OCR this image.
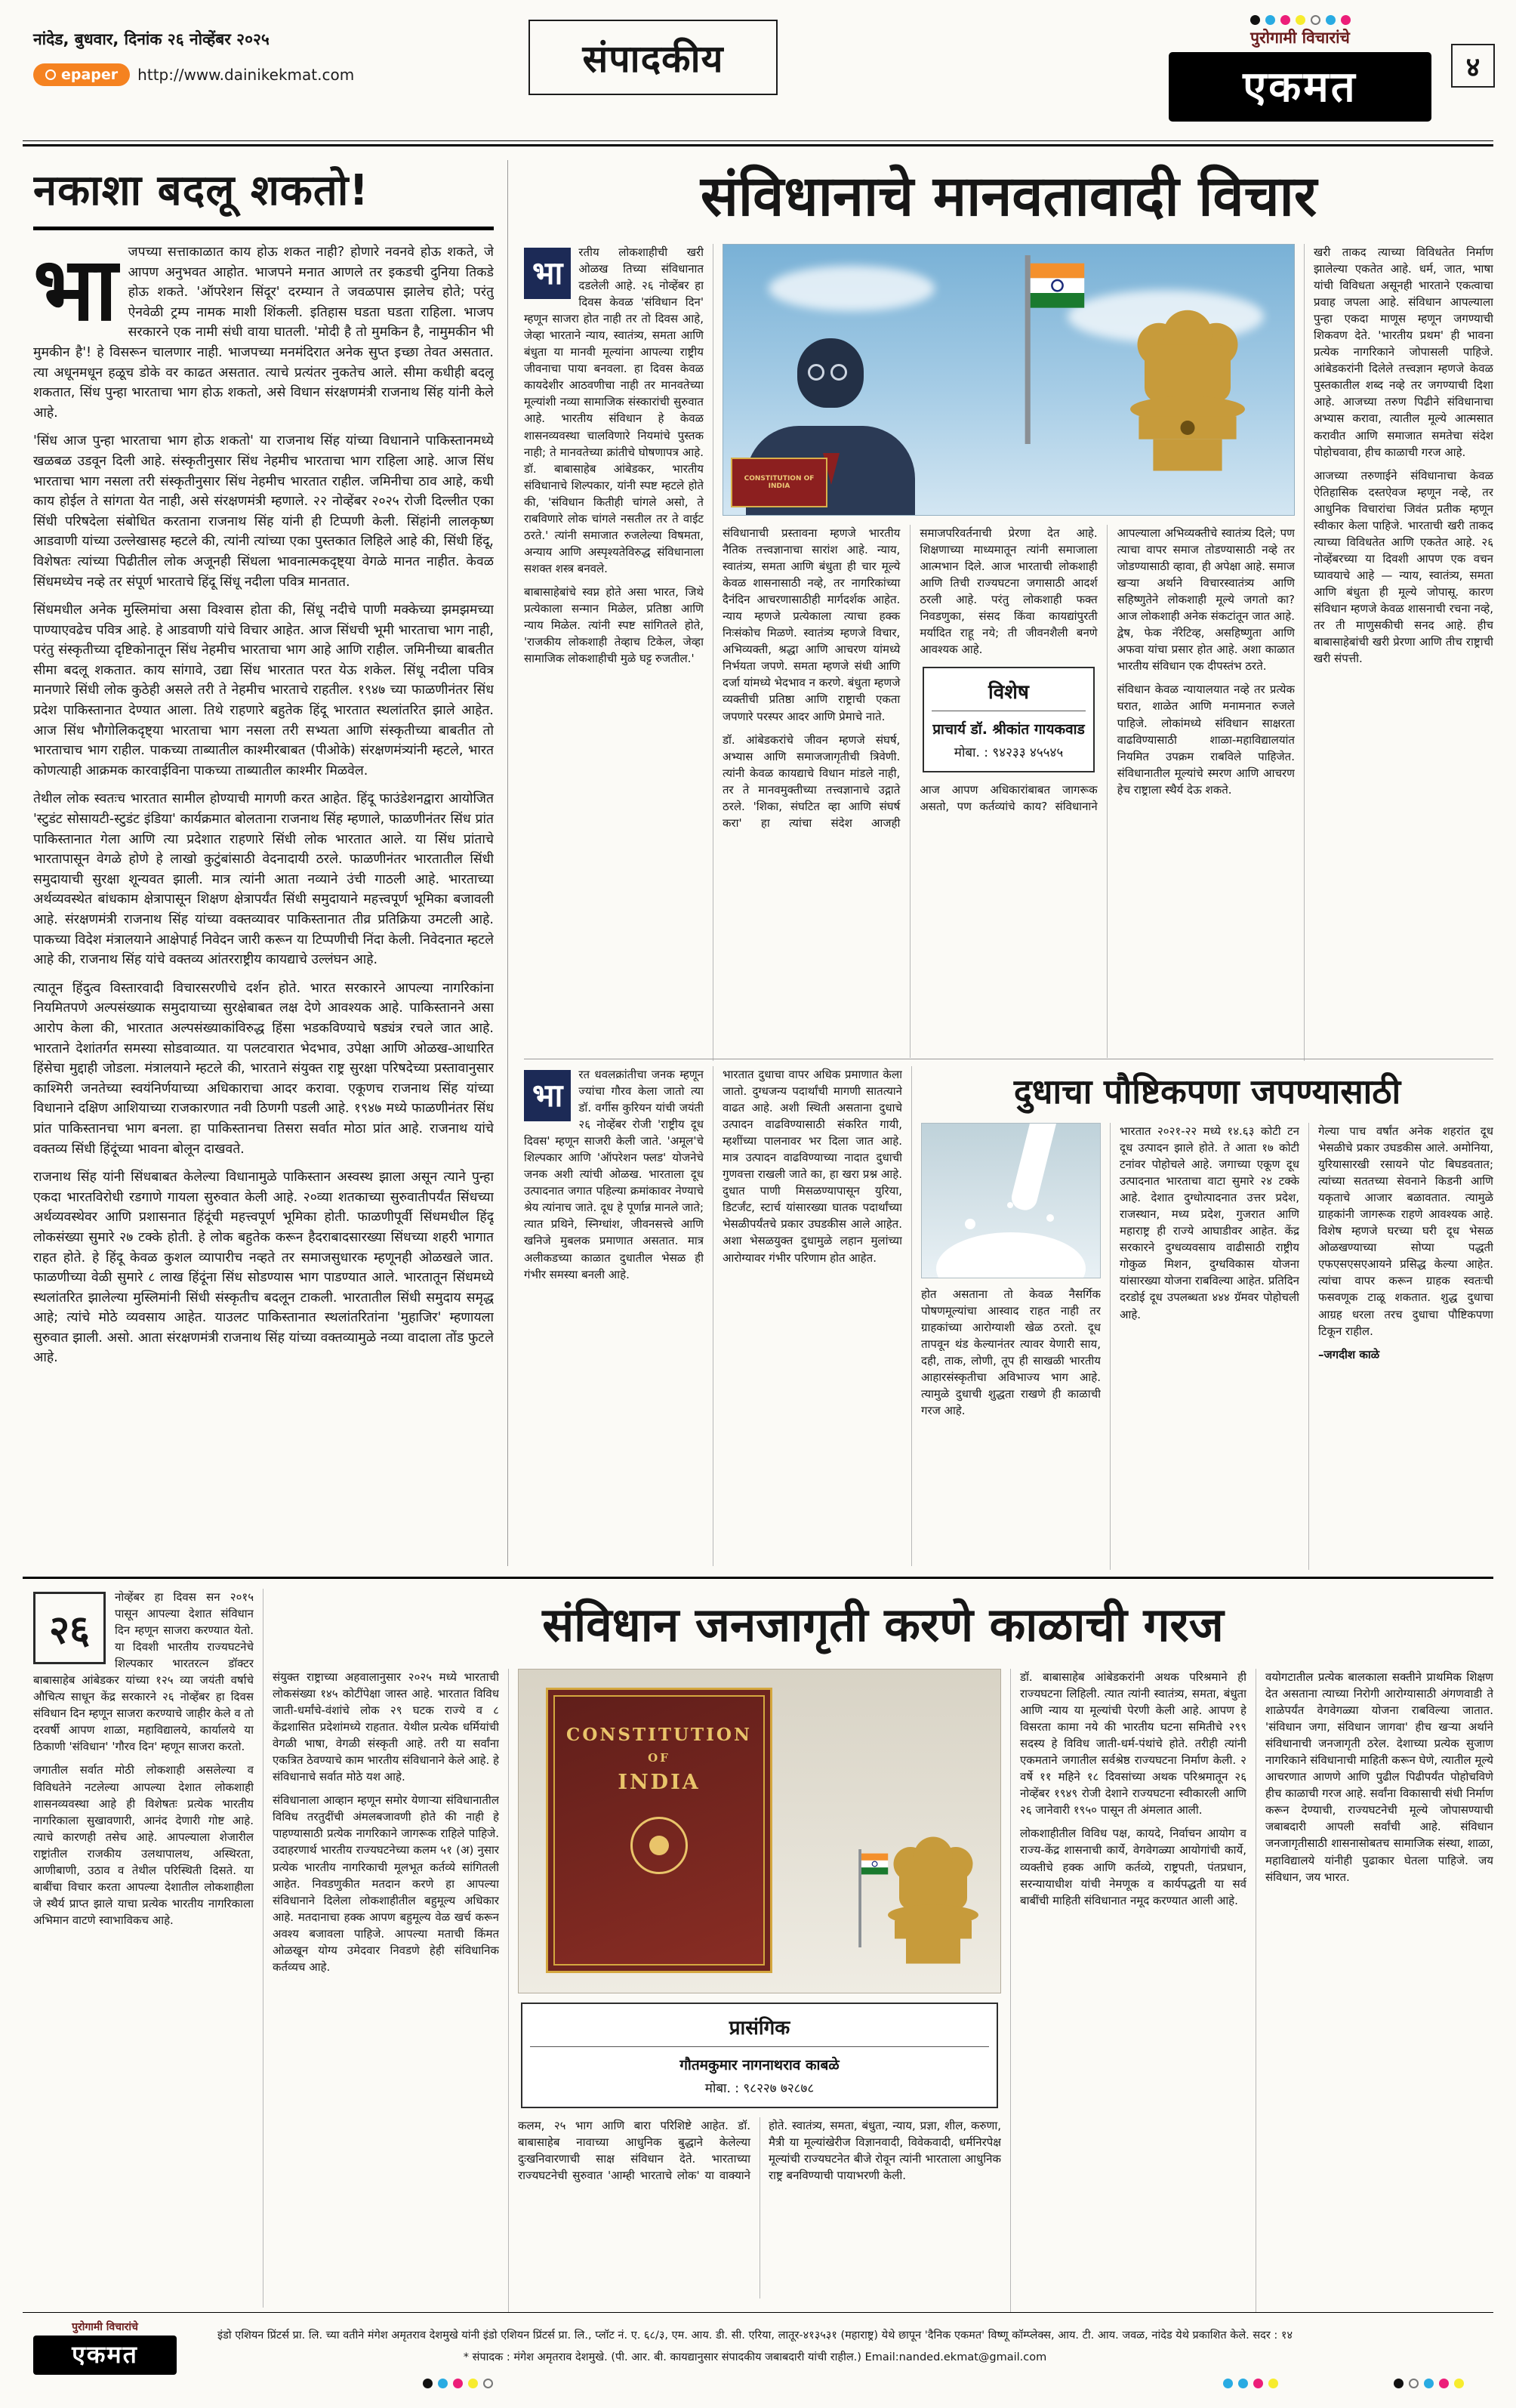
नांदेड, बुधवार, दिनांक २६ नोव्हेंबर २०२५
epaper http://www.dainikekmat.com	संपादकीय	पुरोगामी विचारांचे
एकमत	४
नकाशा बदलू शकतो!
भा जपच्या सत्ताकाळात काय होऊ शकत नाही? होणारे नवनवे होऊ शकते, जे आपण अनुभवत आहोत. भाजपने मनात आणले तर इकडची दुनिया तिकडे होऊ शकते. 'ऑपरेशन सिंदूर' दरम्यान ते जवळपास झालेच होते; परंतु ऐनवेळी ट्रम्प नामक माशी शिंकली. इतिहास घडता घडता राहिला. भाजप सरकारने एक नामी संधी वाया घातली. 'मोदी है तो मुमकिन है, नामुमकीन भी मुमकीन है'! हे विसरून चालणार नाही. भाजपच्या मनमंदिरात अनेक सुप्त इच्छा तेवत असतात. त्या अधूनमधून हळूच डोके वर काढत असतात. त्याचे प्रत्यंतर नुकतेच आले. सीमा कधीही बदलू शकतात, सिंध पुन्हा भारताचा भाग होऊ शकतो, असे विधान संरक्षणमंत्री राजनाथ सिंह यांनी केले आहे.

'सिंध आज पुन्हा भारताचा भाग होऊ शकतो' या राजनाथ सिंह यांच्या विधानाने पाकिस्तानमध्ये खळबळ उडवून दिली आहे. संस्कृतीनुसार सिंध नेहमीच भारताचा भाग राहिला आहे. आज सिंध भारताचा भाग नसला तरी संस्कृतीनुसार सिंध नेहमीच भारतात राहील. जमिनीचा ठाव आहे, कधी काय होईल ते सांगता येत नाही, असे संरक्षणमंत्री म्हणाले. २२ नोव्हेंबर २०२५ रोजी दिल्लीत एका सिंधी परिषदेला संबोधित करताना राजनाथ सिंह यांनी ही टिप्पणी केली. सिंहांनी लालकृष्ण आडवाणी यांच्या उल्लेखासह म्हटले की, त्यांनी त्यांच्या एका पुस्तकात लिहिले आहे की, सिंधी हिंदू, विशेषतः त्यांच्या पिढीतील लोक अजूनही सिंधला भावनात्मकदृष्ट्या वेगळे मानत नाहीत. केवळ सिंधमध्येच नव्हे तर संपूर्ण भारताचे हिंदू सिंधू नदीला पवित्र मानतात.

सिंधमधील अनेक मुस्लिमांचा असा विश्वास होता की, सिंधू नदीचे पाणी मक्केच्या झमझमच्या पाण्याएवढेच पवित्र आहे. हे आडवाणी यांचे विचार आहेत. आज सिंधची भूमी भारताचा भाग नाही, परंतु संस्कृतीच्या दृष्टिकोनातून सिंध नेहमीच भारताचा भाग आहे आणि राहील. जमिनीच्या बाबतीत सीमा बदलू शकतात. काय सांगावे, उद्या सिंध भारतात परत येऊ शकेल. सिंधू नदीला पवित्र मानणारे सिंधी लोक कुठेही असले तरी ते नेहमीच भारताचे राहतील. १९४७ च्या फाळणीनंतर सिंध प्रदेश पाकिस्तानात देण्यात आला. तिथे राहणारे बहुतेक हिंदू भारतात स्थलांतरित झाले आहेत. आज सिंध भौगोलिकदृष्ट्या भारताचा भाग नसला तरी सभ्यता आणि संस्कृतीच्या बाबतीत तो भारताचाच भाग राहील. पाकच्या ताब्यातील काश्मीरबाबत (पीओके) संरक्षणमंत्र्यांनी म्हटले, भारत कोणत्याही आक्रमक कारवाईविना पाकच्या ताब्यातील काश्मीर मिळवेल.

तेथील लोक स्वतःच भारतात सामील होण्याची मागणी करत आहेत. हिंदू फाउंडेशनद्वारा आयोजित 'स्टुडंट सोसायटी-स्टुडंट इंडिया' कार्यक्रमात बोलताना राजनाथ सिंह म्हणाले, फाळणीनंतर सिंध प्रांत पाकिस्तानात गेला आणि त्या प्रदेशात राहणारे सिंधी लोक भारतात आले. या सिंध प्रांताचे भारतापासून वेगळे होणे हे लाखो कुटुंबांसाठी वेदनादायी ठरले. फाळणीनंतर भारतातील सिंधी समुदायाची सुरक्षा शून्यवत झाली. मात्र त्यांनी आता नव्याने उंची गाठली आहे. भारताच्या अर्थव्यवस्थेत बांधकाम क्षेत्रापासून शिक्षण क्षेत्रापर्यंत सिंधी समुदायाने महत्त्वपूर्ण भूमिका बजावली आहे. संरक्षणमंत्री राजनाथ सिंह यांच्या वक्तव्यावर पाकिस्तानात तीव्र प्रतिक्रिया उमटली आहे. पाकच्या विदेश मंत्रालयाने आक्षेपार्ह निवेदन जारी करून या टिप्पणीची निंदा केली. निवेदनात म्हटले आहे की, राजनाथ सिंह यांचे वक्तव्य आंतरराष्ट्रीय कायद्याचे उल्लंघन आहे.

त्यातून हिंदुत्व विस्तारवादी विचारसरणीचे दर्शन होते. भारत सरकारने आपल्या नागरिकांना नियमितपणे अल्पसंख्याक समुदायाच्या सुरक्षेबाबत लक्ष देणे आवश्यक आहे. पाकिस्तानने असा आरोप केला की, भारतात अल्पसंख्याकांविरुद्ध हिंसा भडकविण्याचे षड्यंत्र रचले जात आहे. भारताने देशांतर्गत समस्या सोडवाव्यात. या पलटवारात भेदभाव, उपेक्षा आणि ओळख-आधारित हिंसेचा मुद्दाही जोडला. मंत्रालयाने म्हटले की, भारताने संयुक्त राष्ट्र सुरक्षा परिषदेच्या प्रस्तावानुसार काश्मिरी जनतेच्या स्वयंनिर्णयाच्या अधिकाराचा आदर करावा. एकूणच राजनाथ सिंह यांच्या विधानाने दक्षिण आशियाच्या राजकारणात नवी ठिणगी पडली आहे. १९४७ मध्ये फाळणीनंतर सिंध प्रांत पाकिस्तानचा भाग बनला. हा पाकिस्तानचा तिसरा सर्वात मोठा प्रांत आहे. राजनाथ यांचे वक्तव्य सिंधी हिंदूंच्या भावना बोलून दाखवते.

राजनाथ सिंह यांनी सिंधबाबत केलेल्या विधानामुळे पाकिस्तान अस्वस्थ झाला असून त्याने पुन्हा एकदा भारतविरोधी रडगाणे गायला सुरुवात केली आहे. २०व्या शतकाच्या सुरुवातीपर्यंत सिंधच्या अर्थव्यवस्थेवर आणि प्रशासनात हिंदूंची महत्त्वपूर्ण भूमिका होती. फाळणीपूर्वी सिंधमधील हिंदू लोकसंख्या सुमारे २७ टक्के होती. हे लोक बहुतेक करून हैदराबादसारख्या सिंधच्या शहरी भागात राहत होते. हे हिंदू केवळ कुशल व्यापारीच नव्हते तर समाजसुधारक म्हणूनही ओळखले जात. फाळणीच्या वेळी सुमारे ८ लाख हिंदूंना सिंध सोडण्यास भाग पाडण्यात आले. भारतातून सिंधमध्ये स्थलांतरित झालेल्या मुस्लिमांनी सिंधी संस्कृतीच बदलून टाकली. भारतातील सिंधी समुदाय समृद्ध आहे; त्यांचे मोठे व्यवसाय आहेत. याउलट पाकिस्तानात स्थलांतरितांना 'मुहाजिर' म्हणायला सुरुवात झाली. असो. आता संरक्षणमंत्री राजनाथ सिंह यांच्या वक्तव्यामुळे नव्या वादाला तोंड फुटले आहे.

संविधानाचे मानवतावादी विचार
भा

रतीय लोकशाहीची खरी ओळख तिच्या संविधानात दडलेली आहे. २६ नोव्हेंबर हा दिवस केवळ 'संविधान दिन' म्हणून साजरा होत नाही तर तो दिवस आहे, जेव्हा भारताने न्याय, स्वातंत्र्य, समता आणि बंधुता या मानवी मूल्यांना आपल्या राष्ट्रीय जीवनाचा पाया बनवला. हा दिवस केवळ कायदेशीर आठवणीचा नाही तर मानवतेच्या मूल्यांशी नव्या सामाजिक संस्कारांची सुरुवात आहे. भारतीय संविधान हे केवळ शासनव्यवस्था चालविणारे नियमांचे पुस्तक नाही; ते मानवतेच्या क्रांतीचे घोषणापत्र आहे. डॉ. बाबासाहेब आंबेडकर, भारतीय संविधानाचे शिल्पकार, यांनी स्पष्ट म्हटले होते की, 'संविधान कितीही चांगले असो, ते राबविणारे लोक चांगले नसतील तर ते वाईट ठरते.' त्यांनी समाजात रुजलेल्या विषमता, अन्याय आणि अस्पृश्यतेविरुद्ध संविधानाला सशक्त शस्त्र बनवले.

बाबासाहेबांचे स्वप्न होते असा भारत, जिथे प्रत्येकाला सन्मान मिळेल, प्रतिष्ठा आणि न्याय मिळेल. त्यांनी स्पष्ट सांगितले होते, 'राजकीय लोकशाही तेव्हाच टिकेल, जेव्हा सामाजिक लोकशाहीची मुळे घट्ट रुजतील.'

CONSTITUTION OF INDIA

संविधानाची प्रस्तावना म्हणजे भारतीय नैतिक तत्त्वज्ञानाचा सारांश आहे. न्याय, स्वातंत्र्य, समता आणि बंधुता ही चार मूल्ये केवळ शासनासाठी नव्हे, तर नागरिकांच्या दैनंदिन आचरणासाठीही मार्गदर्शक आहेत. न्याय म्हणजे प्रत्येकाला त्याचा हक्क निःसंकोच मिळणे. स्वातंत्र्य म्हणजे विचार, अभिव्यक्ती, श्रद्धा आणि आचरण यांमध्ये निर्भयता जपणे. समता म्हणजे संधी आणि दर्जा यांमध्ये भेदभाव न करणे. बंधुता म्हणजे व्यक्तीची प्रतिष्ठा आणि राष्ट्राची एकता जपणारे परस्पर आदर आणि प्रेमाचे नाते.

डॉ. आंबेडकरांचे जीवन म्हणजे संघर्ष, अभ्यास आणि समाजजागृतीची त्रिवेणी. त्यांनी केवळ कायद्याचे विधान मांडले नाही, तर ते मानवमुक्तीच्या तत्त्वज्ञानाचे उद्गाते ठरले. 'शिका, संघटित व्हा आणि संघर्ष करा' हा त्यांचा संदेश आजही समाजपरिवर्तनाची प्रेरणा देत आहे. शिक्षणाच्या माध्यमातून त्यांनी समाजाला आत्मभान दिले. आज भारताची लोकशाही आणि तिची राज्यघटना जगासाठी आदर्श ठरली आहे. परंतु लोकशाही फक्त निवडणुका, संसद किंवा कायद्यांपुरती मर्यादित राहू नये; ती जीवनशैली बनणे आवश्यक आहे.

विशेष
प्राचार्य डॉ. श्रीकांत गायकवाड
मोबा. : ९४२३३ ४५५४५

आज आपण अधिकारांबाबत जागरूक असतो, पण कर्तव्यांचे काय? संविधानाने आपल्याला अभिव्यक्तीचे स्वातंत्र्य दिले; पण त्याचा वापर समाज तोडण्यासाठी नव्हे तर जोडण्यासाठी व्हावा, ही अपेक्षा आहे. समाज खऱ्या अर्थाने विचारस्वातंत्र्य आणि सहिष्णुतेने लोकशाही मूल्ये जगतो का? आज लोकशाही अनेक संकटांतून जात आहे. द्वेष, फेक नॅरेटिव्ह, असहिष्णुता आणि अफवा यांचा प्रसार होत आहे. अशा काळात भारतीय संविधान एक दीपस्तंभ ठरते.

संविधान केवळ न्यायालयात नव्हे तर प्रत्येक घरात, शाळेत आणि मनामनात रुजले पाहिजे. लोकांमध्ये संविधान साक्षरता वाढविण्यासाठी शाळा-महाविद्यालयांत नियमित उपक्रम राबविले पाहिजेत. संविधानातील मूल्यांचे स्मरण आणि आचरण हेच राष्ट्राला स्थैर्य देऊ शकते.

खरी ताकद त्याच्या विविधतेत निर्माण झालेल्या एकतेत आहे. धर्म, जात, भाषा यांची विविधता असूनही भारताने एकत्वाचा प्रवाह जपला आहे. संविधान आपल्याला पुन्हा एकदा माणूस म्हणून जगण्याची शिकवण देते. 'भारतीय प्रथम' ही भावना प्रत्येक नागरिकाने जोपासली पाहिजे. आंबेडकरांनी दिलेले तत्त्वज्ञान म्हणजे केवळ पुस्तकातील शब्द नव्हे तर जगण्याची दिशा आहे. आजच्या तरुण पिढीने संविधानाचा अभ्यास करावा, त्यातील मूल्ये आत्मसात करावीत आणि समाजात समतेचा संदेश पोहोचवावा, हीच काळाची गरज आहे.

आजच्या तरुणाईने संविधानाचा केवळ ऐतिहासिक दस्तऐवज म्हणून नव्हे, तर आधुनिक विचारांचा जिवंत प्रतीक म्हणून स्वीकार केला पाहिजे. भारताची खरी ताकद त्याच्या विविधतेत आणि एकतेत आहे. २६ नोव्हेंबरच्या या दिवशी आपण एक वचन घ्यावयाचे आहे — न्याय, स्वातंत्र्य, समता आणि बंधुता ही मूल्ये जोपासू. कारण संविधान म्हणजे केवळ शासनाची रचना नव्हे, तर ती माणुसकीची सनद आहे. हीच बाबासाहेबांची खरी प्रेरणा आणि तीच राष्ट्राची खरी संपत्ती.

भा

रत धवलक्रांतीचा जनक म्हणून ज्यांचा गौरव केला जातो त्या डॉ. वर्गीस कुरियन यांची जयंती २६ नोव्हेंबर रोजी 'राष्ट्रीय दूध दिवस' म्हणून साजरी केली जाते. 'अमूल'चे शिल्पकार आणि 'ऑपरेशन फ्लड' योजनेचे जनक अशी त्यांची ओळख. भारताला दूध उत्पादनात जगात पहिल्या क्रमांकावर नेण्याचे श्रेय त्यांनाच जाते. दूध हे पूर्णान्न मानले जाते; त्यात प्रथिने, स्निग्धांश, जीवनसत्त्वे आणि खनिजे मुबलक प्रमाणात असतात. मात्र अलीकडच्या काळात दुधातील भेसळ ही गंभीर समस्या बनली आहे.

भारतात दुधाचा वापर अधिक प्रमाणात केला जातो. दुग्धजन्य पदार्थांची मागणी सातत्याने वाढत आहे. अशी स्थिती असताना दुधाचे उत्पादन वाढविण्यासाठी संकरित गायी, म्हशींच्या पालनावर भर दिला जात आहे. मात्र उत्पादन वाढविण्याच्या नादात दुधाची गुणवत्ता राखली जाते का, हा खरा प्रश्न आहे. दुधात पाणी मिसळण्यापासून युरिया, डिटर्जंट, स्टार्च यांसारख्या घातक पदार्थांच्या भेसळीपर्यंतचे प्रकार उघडकीस आले आहेत. अशा भेसळयुक्त दुधामुळे लहान मुलांच्या आरोग्यावर गंभीर परिणाम होत आहेत.

दुधाचा पौष्टिकपणा जपण्यासाठी

होत असताना तो केवळ नैसर्गिक पोषणमूल्यांचा आस्वाद राहत नाही तर ग्राहकांच्या आरोग्याशी खेळ ठरतो. दूध तापवून थंड केल्यानंतर त्यावर येणारी साय, दही, ताक, लोणी, तूप ही साखळी भारतीय आहारसंस्कृतीचा अविभाज्य भाग आहे. त्यामुळे दुधाची शुद्धता राखणे ही काळाची गरज आहे.

भारतात २०२१-२२ मध्ये १४.६३ कोटी टन दूध उत्पादन झाले होते. ते आता १७ कोटी टनांवर पोहोचले आहे. जगाच्या एकूण दूध उत्पादनात भारताचा वाटा सुमारे २४ टक्के आहे. देशात दुग्धोत्पादनात उत्तर प्रदेश, राजस्थान, मध्य प्रदेश, गुजरात आणि महाराष्ट्र ही राज्ये आघाडीवर आहेत. केंद्र सरकारने दुग्धव्यवसाय वाढीसाठी राष्ट्रीय गोकुळ मिशन, दुग्धविकास योजना यांसारख्या योजना राबविल्या आहेत. प्रतिदिन दरडोई दूध उपलब्धता ४४४ ग्रॅमवर पोहोचली आहे.

गेल्या पाच वर्षांत अनेक शहरांत दूध भेसळीचे प्रकार उघडकीस आले. अमोनिया, युरियासारखी रसायने पोट बिघडवतात; त्यांच्या सततच्या सेवनाने किडनी आणि यकृताचे आजार बळावतात. त्यामुळे ग्राहकांनी जागरूक राहणे आवश्यक आहे. विशेष म्हणजे घरच्या घरी दूध भेसळ ओळखण्याच्या सोप्या पद्धती एफएसएसएआयने प्रसिद्ध केल्या आहेत. त्यांचा वापर करून ग्राहक स्वतःची फसवणूक टाळू शकतात. शुद्ध दुधाचा आग्रह धरला तरच दुधाचा पौष्टिकपणा टिकून राहील.

–जगदीश काळे

२६

नोव्हेंबर हा दिवस सन २०१५ पासून आपल्या देशात संविधान दिन म्हणून साजरा करण्यात येतो. या दिवशी भारतीय राज्यघटनेचे शिल्पकार भारतरत्न डॉक्टर बाबासाहेब आंबेडकर यांच्या १२५ व्या जयंती वर्षाचे औचित्य साधून केंद्र सरकारने २६ नोव्हेंबर हा दिवस संविधान दिन म्हणून साजरा करण्याचे जाहीर केले व तो दरवर्षी आपण शाळा, महाविद्यालये, कार्यालये या ठिकाणी 'संविधान' 'गौरव दिन' म्हणून साजरा करतो.

जगातील सर्वात मोठी लोकशाही असलेल्या व विविधतेने नटलेल्या आपल्या देशात लोकशाही शासनव्यवस्था आहे ही विशेषतः प्रत्येक भारतीय नागरिकाला सुखावणारी, आनंद देणारी गोष्ट आहे. त्याचे कारणही तसेच आहे. आपल्याला शेजारील राष्ट्रांतील राजकीय उलथापालथ, अस्थिरता, आणीबाणी, उठाव व तेथील परिस्थिती दिसते. या बाबींचा विचार करता आपल्या देशातील लोकशाहीला जे स्थैर्य प्राप्त झाले याचा प्रत्येक भारतीय नागरिकाला अभिमान वाटणे स्वाभाविकच आहे.

संविधान जनजागृती करणे काळाची गरज

संयुक्त राष्ट्राच्या अहवालानुसार २०२५ मध्ये भारताची लोकसंख्या १४५ कोटींपेक्षा जास्त आहे. भारतात विविध जाती-धर्मांचे-वंशांचे लोक २९ घटक राज्ये व ८ केंद्रशासित प्रदेशांमध्ये राहतात. येथील प्रत्येक धर्मियांची वेगळी भाषा, वेगळी संस्कृती आहे. तरी या सर्वांना एकत्रित ठेवण्याचे काम भारतीय संविधानाने केले आहे. हे संविधानाचे सर्वात मोठे यश आहे.

संविधानाला आव्हान म्हणून समोर येणाऱ्या संविधानातील विविध तरतुदींची अंमलबजावणी होते की नाही हे पाहण्यासाठी प्रत्येक नागरिकाने जागरूक राहिले पाहिजे. उदाहरणार्थ भारतीय राज्यघटनेच्या कलम ५१ (अ) नुसार प्रत्येक भारतीय नागरिकाची मूलभूत कर्तव्ये सांगितली आहेत. निवडणुकीत मतदान करणे हा आपल्या संविधानाने दिलेला लोकशाहीतील बहुमूल्य अधिकार आहे. मतदानाचा हक्क आपण बहुमूल्य वेळ खर्च करून अवश्य बजावला पाहिजे. आपल्या मताची किंमत ओळखून योग्य उमेदवार निवडणे हेही संविधानिक कर्तव्यच आहे.

CONSTITUTION
OF
INDIA
प्रासंगिक
गौतमकुमार नागनाथराव काबळे
मोबा. : ९८२२७ ७२८७८

कलम, २५ भाग आणि बारा परिशिष्टे आहेत. डॉ. बाबासाहेब नावाच्या आधुनिक बुद्धाने केलेल्या दुःखनिवारणाची साक्ष संविधान देते. भारताच्या राज्यघटनेची सुरुवात 'आम्ही भारताचे लोक' या वाक्याने होते. स्वातंत्र्य, समता, बंधुता, न्याय, प्रज्ञा, शील, करुणा, मैत्री या मूल्यांखेरीज विज्ञानवादी, विवेकवादी, धर्मनिरपेक्ष मूल्यांची राज्यघटनेत बीजे रोवून त्यांनी भारताला आधुनिक राष्ट्र बनविण्याची पायाभरणी केली.

डॉ. बाबासाहेब आंबेडकरांनी अथक परिश्रमाने ही राज्यघटना लिहिली. त्यात त्यांनी स्वातंत्र्य, समता, बंधुता आणि न्याय या मूल्यांची पेरणी केली आहे. आपण हे विसरता कामा नये की भारतीय घटना समितीचे २९९ सदस्य हे विविध जाती-धर्म-पंथांचे होते. तरीही त्यांनी एकमताने जगातील सर्वश्रेष्ठ राज्यघटना निर्माण केली. २ वर्षे ११ महिने १८ दिवसांच्या अथक परिश्रमातून २६ नोव्हेंबर १९४९ रोजी देशाने राज्यघटना स्वीकारली आणि २६ जानेवारी १९५० पासून ती अंमलात आली.

लोकशाहीतील विविध पक्ष, कायदे, निर्वाचन आयोग व राज्य-केंद्र शासनाची कार्ये, वेगवेगळ्या आयोगांची कार्ये, व्यक्तीचे हक्क आणि कर्तव्ये, राष्ट्रपती, पंतप्रधान, सरन्यायाधीश यांची नेमणूक व कार्यपद्धती या सर्व बाबींची माहिती संविधानात नमूद करण्यात आली आहे.

वयोगटातील प्रत्येक बालकाला सक्तीने प्राथमिक शिक्षण देत असताना त्याच्या निरोगी आरोग्यासाठी अंगणवाडी ते शाळेपर्यंत वेगवेगळ्या योजना राबविल्या जातात. 'संविधान जगा, संविधान जागवा' हीच खऱ्या अर्थाने संविधानाची जनजागृती ठरेल. देशाच्या प्रत्येक सुजाण नागरिकाने संविधानाची माहिती करून घेणे, त्यातील मूल्ये आचरणात आणणे आणि पुढील पिढीपर्यंत पोहोचविणे हीच काळाची गरज आहे. सर्वांना विकासाची संधी निर्माण करून देण्याची, राज्यघटनेची मूल्ये जोपासण्याची जबाबदारी आपली सर्वांची आहे. संविधान जनजागृतीसाठी शासनासोबतच सामाजिक संस्था, शाळा, महाविद्यालये यांनीही पुढाकार घेतला पाहिजे. जय संविधान, जय भारत.

पुरोगामी विचारांचे
एकमत
इंडो एशियन प्रिंटर्स प्रा. लि. च्या वतीने मंगेश अमृतराव देशमुखे यांनी इंडो एशियन प्रिंटर्स प्रा. लि., प्लॉट नं. ए. ६८/३, एम. आय. डी. सी. एरिया, लातूर-४१३५३१ (महाराष्ट्र) येथे छापून 'दैनिक एकमत' विष्णू कॉम्प्लेक्स, आय. टी. आय. जवळ, नांदेड येथे प्रकाशित केले. सदर : १४
* संपादक : मंगेश अमृतराव देशमुखे. (पी. आर. बी. कायद्यानुसार संपादकीय जबाबदारी यांची राहील.) Email:nanded.ekmat@gmail.com
